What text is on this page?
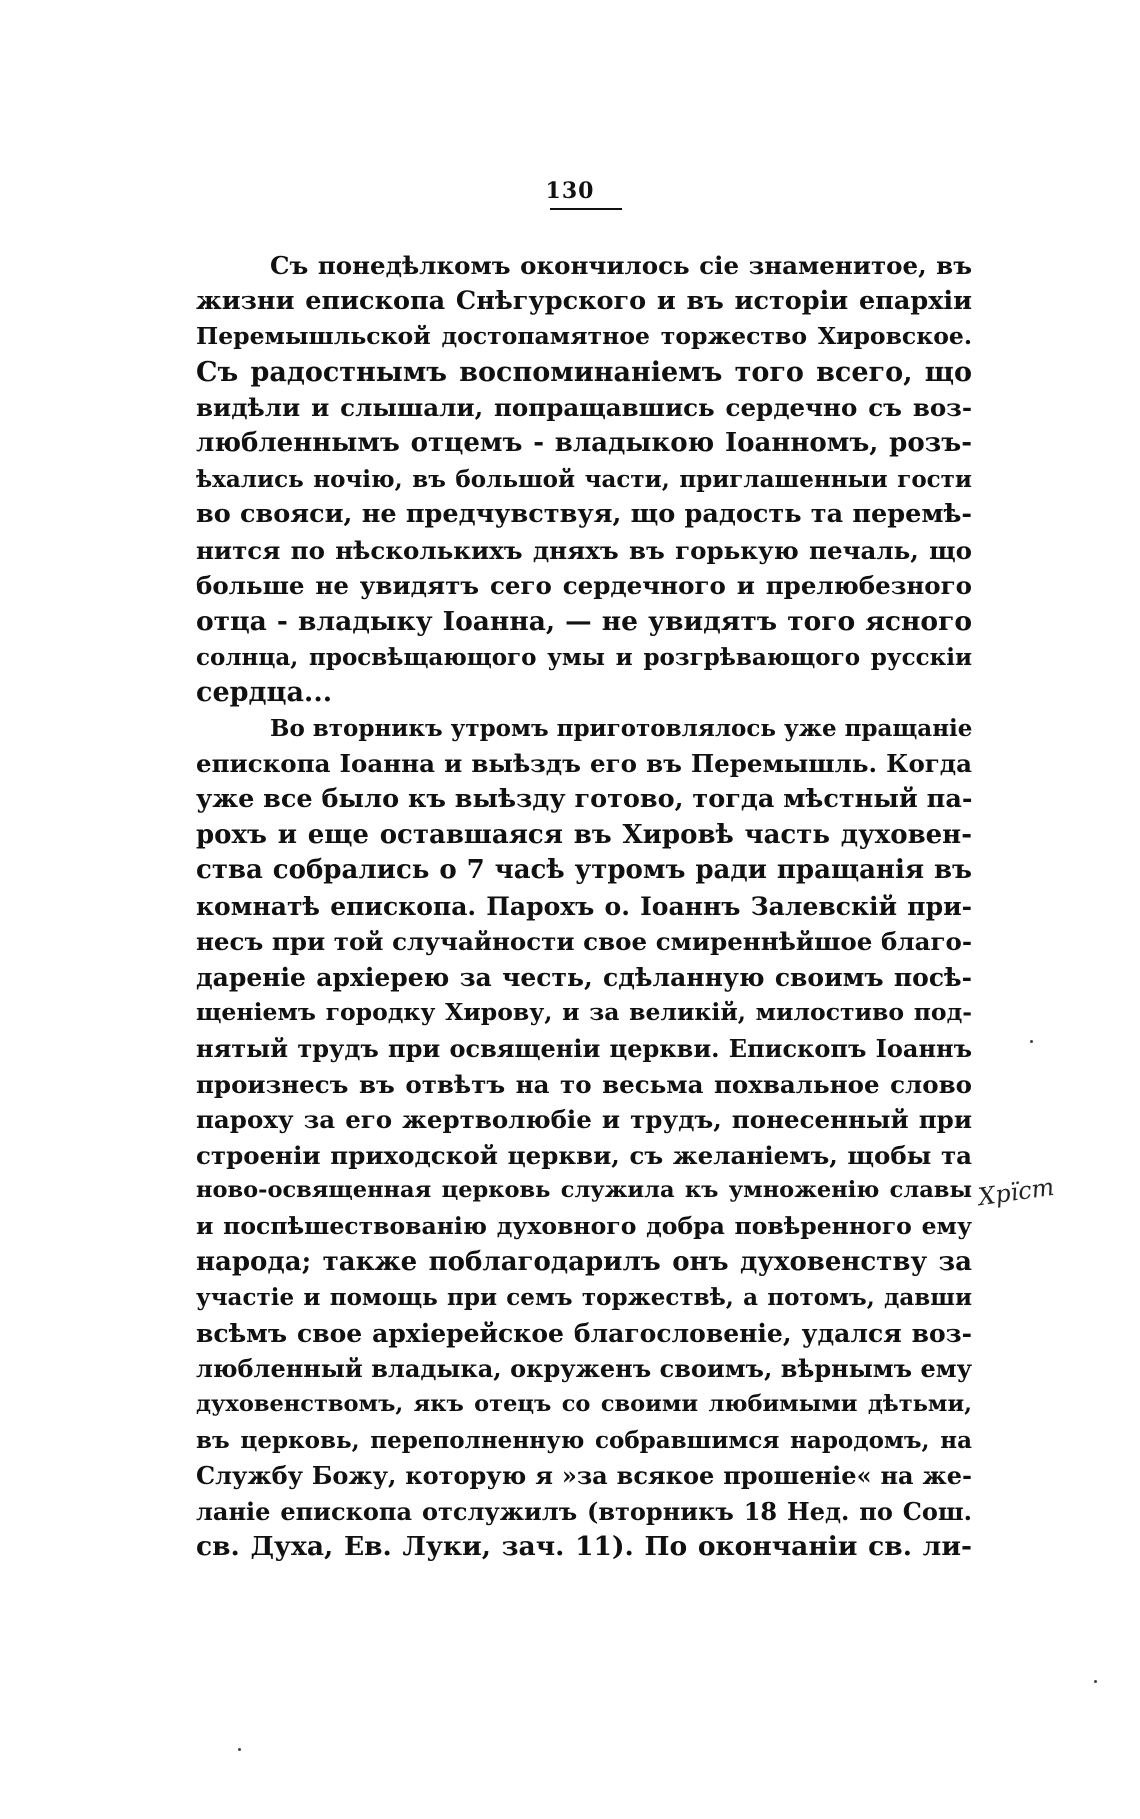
130
Съ понедѣлкомъ окончилось сіе знаменитое, въ
жизни епископа Снѣгурского и въ исторіи епархіи
Перемышльской достопамятное торжество Хировское.
Съ радостнымъ воспоминаніемъ того всего, що
видѣли и слышали, попращавшись сердечно съ воз-
любленнымъ отцемъ - владыкою Іоанномъ, розъ-
ѣхались ночію, въ большой части, приглашенныи гости
во свояси, не предчувствуя, що радость та перемѣ-
нится по нѣсколькихъ дняхъ въ горькую печаль, що
больше не увидятъ сего сердечного и прелюбезного
отца - владыку Іоанна, — не увидятъ того ясного
солнца, просвѣщающого умы и розгрѣвающого русскіи
сердца...
Во вторникъ утромъ приготовлялось уже пращаніе
епископа Іоанна и выѣздъ его въ Перемышль. Когда
уже все было къ выѣзду готово, тогда мѣстный па-
рохъ и еще оставшаяся въ Хировѣ часть духовен-
ства собрались о 7 часѣ утромъ ради пращанія въ
комнатѣ епископа. Парохъ о. Іоаннъ Залевскій при-
несъ при той случайности свое смиреннѣйшое благо-
дареніе архіерею за честь, сдѣланную своимъ посѣ-
щеніемъ городку Хирову, и за великій, милостиво под-
нятый трудъ при освященіи церкви. Епископъ Іоаннъ
произнесъ въ отвѣтъ на то весьма похвальное слово
пароху за его жертволюбіе и трудъ, понесенный при
строеніи приходской церкви, съ желаніемъ, щобы та
ново-освященная церковь служила къ умноженію славы
и поспѣшествованію духовного добра повѣренного ему
народа; также поблагодарилъ онъ духовенству за
участіе и помощь при семъ торжествѣ, а потомъ, давши
всѣмъ свое архіерейское благословеніе, удался воз-
любленный владыка, окруженъ своимъ, вѣрнымъ ему
духовенствомъ, якъ отецъ со своими любимыми дѣтьми,
въ церковь, переполненную собравшимся народомъ, на
Службу Божу, которую я »за всякое прошеніе« на же-
ланіе епископа отслужилъ (вторникъ 18 Нед. по Сош.
св. Духа, Ев. Луки, зач. 11). По окончаніи св. ли-
Хрїст
